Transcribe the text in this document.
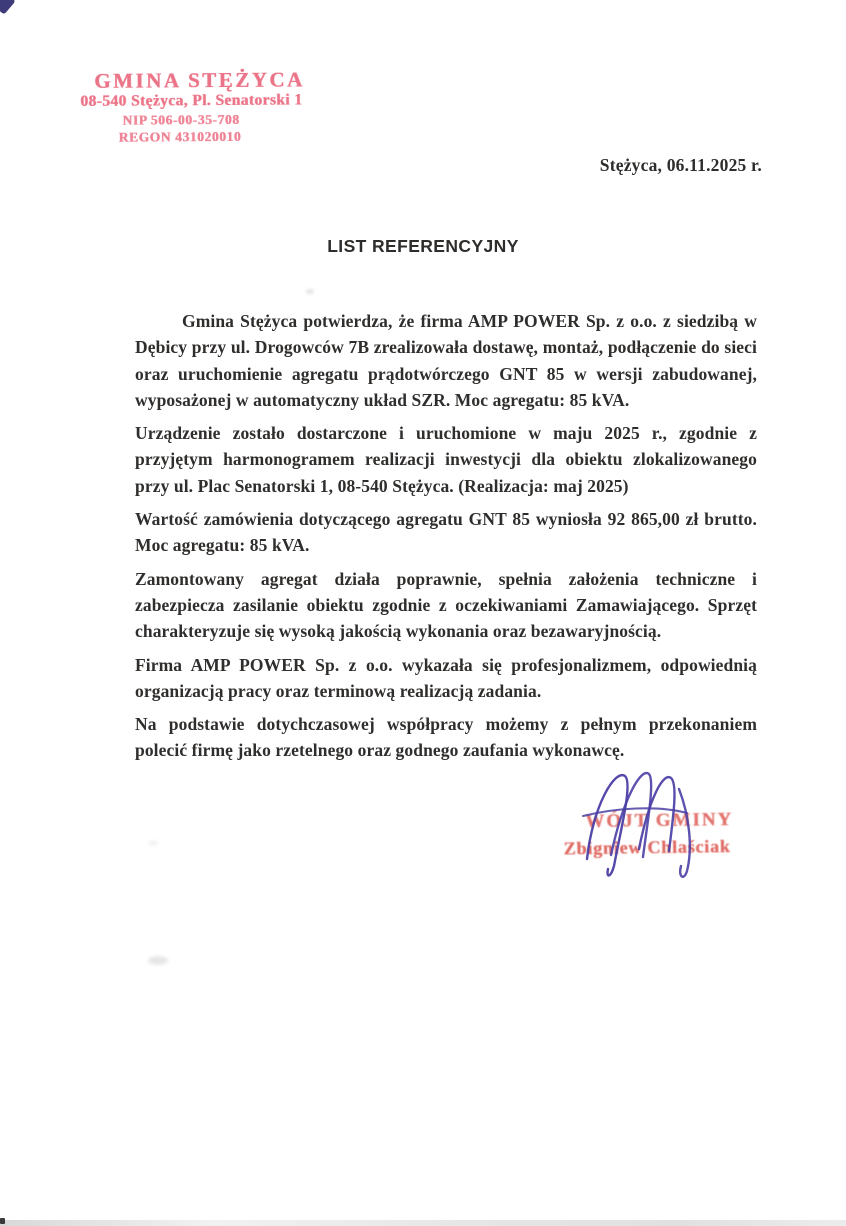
GMINA STĘŻYCA
08-540 Stężyca, Pl. Senatorski 1
NIP 506-00-35-708
REGON 431020010
Stężyca, 06.11.2025 r.
LIST REFERENCYJNY

Gmina Stężyca potwierdza, że firma AMP POWER Sp. z o.o. z siedzibą w Dębicy przy ul. Drogowców 7B zrealizowała dostawę, montaż, podłączenie do sieci oraz uruchomienie agregatu prądotwórczego GNT 85 w wersji zabudowanej, wyposażonej w automatyczny układ SZR. Moc agregatu: 85 kVA.

Urządzenie zostało dostarczone i uruchomione w maju 2025 r., zgodnie z przyjętym harmonogramem realizacji inwestycji dla obiektu zlokalizowanego przy ul. Plac Senatorski 1, 08-540 Stężyca. (Realizacja: maj 2025)

Wartość zamówienia dotyczącego agregatu GNT 85 wyniosła 92 865,00 zł brutto. Moc agregatu: 85 kVA.

Zamontowany agregat działa poprawnie, spełnia założenia techniczne i zabezpiecza zasilanie obiektu zgodnie z oczekiwaniami Zamawiającego. Sprzęt charakteryzuje się wysoką jakością wykonania oraz bezawaryjnością.

Firma AMP POWER Sp. z o.o. wykazała się profesjonalizmem, odpowiednią organizacją pracy oraz terminową realizacją zadania.

Na podstawie dotychczasowej współpracy możemy z pełnym przekonaniem polecić firmę jako rzetelnego oraz godnego zaufania wykonawcę.

WÓJT GMINY
Zbigniew Chlaściak
